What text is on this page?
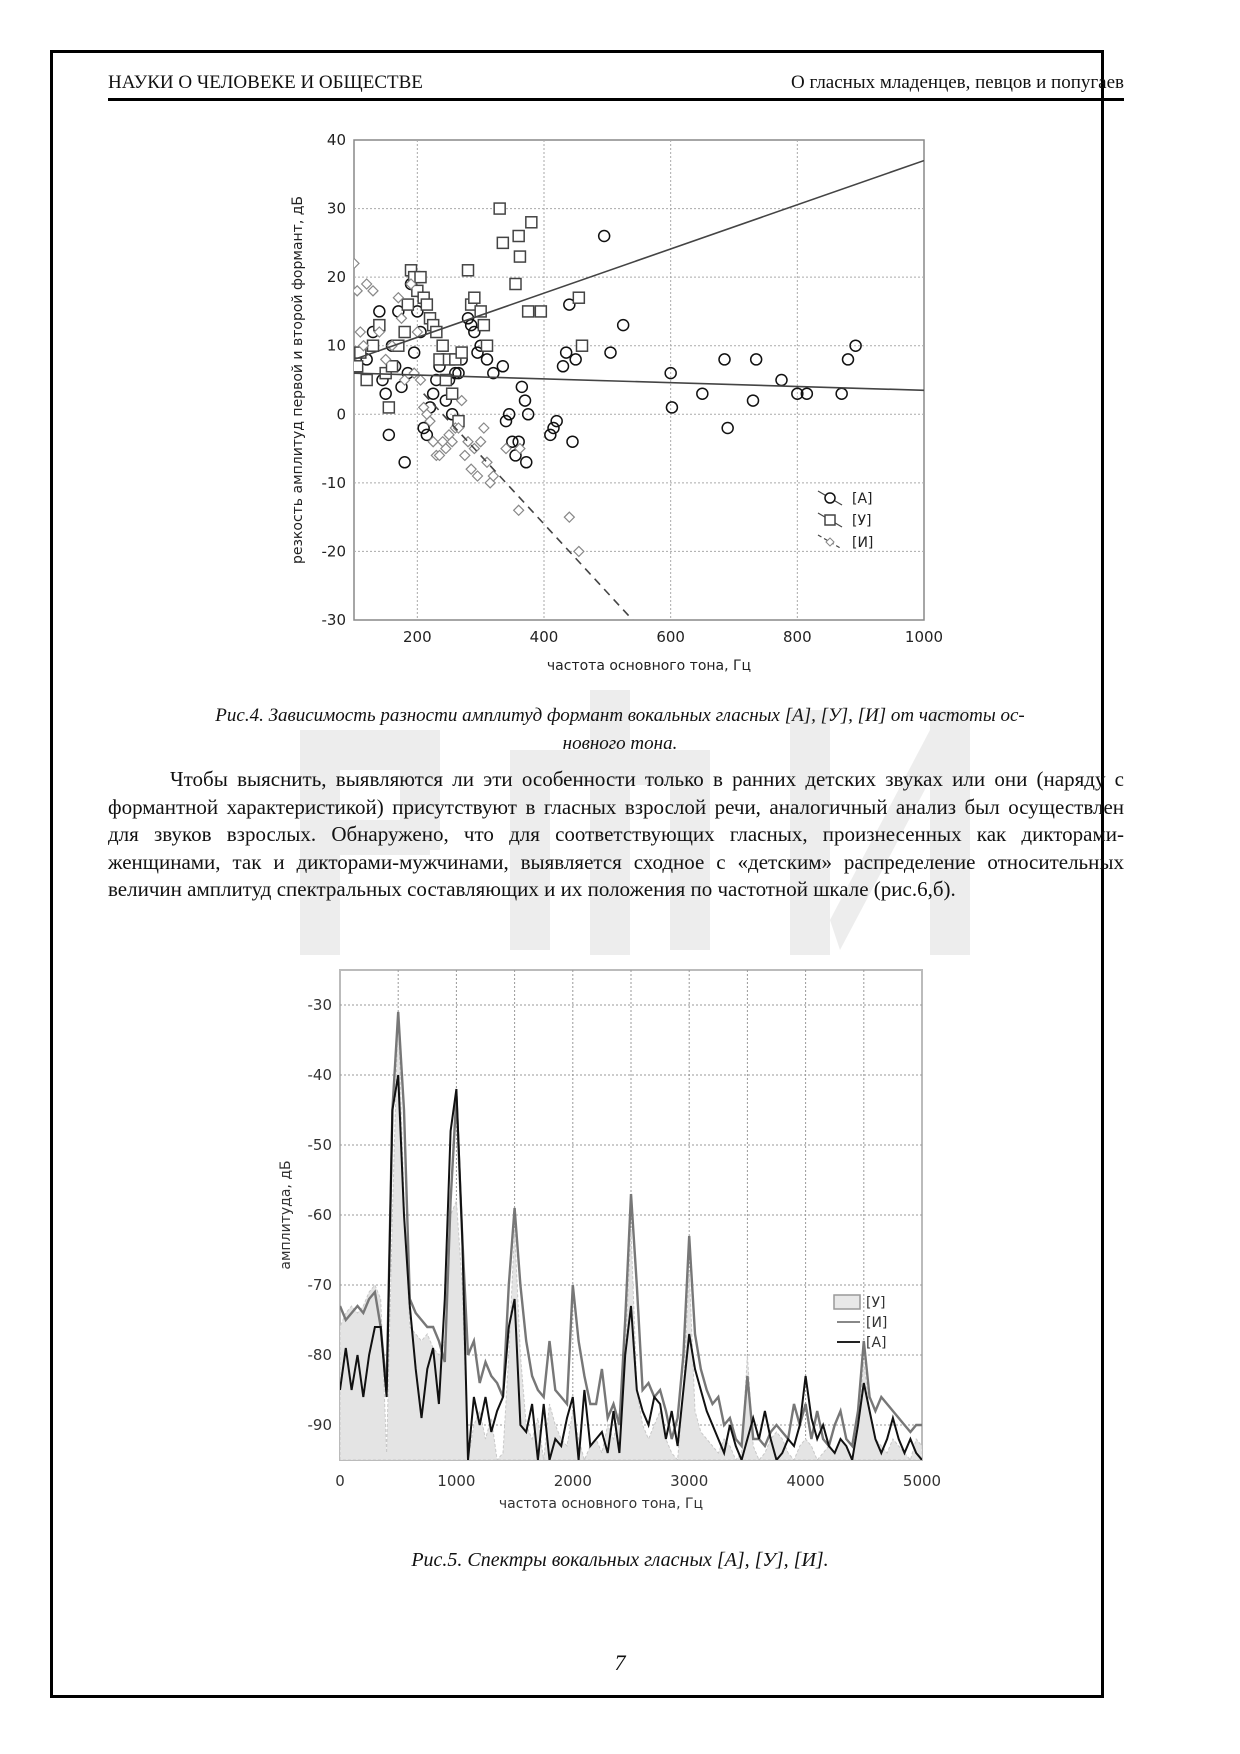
НАУКИ О ЧЕЛОВЕКЕ И ОБЩЕСТВЕ	О гласных младенцев, певцов и попугаев
200	400	600	800	1000
-30
-20
-10
0
10
20
30
40
частота основного тона, Гц
резкость амплитуд первой и второй формант, дБ	[А]
[У]
[И]
Рис.4. Зависимость разности амплитуд формант вокальных гласных [А], [У], [И] от частоты ос-
новного тона.

Чтобы выяснить, выявляются ли эти особенности только в ранних детских звуках или они (наряду с формантной характеристикой) присутствуют в гласных взрослой речи, аналогичный анализ был осуществлен для звуков взрослых. Обнаружено, что для соответствующих гласных, произнесенных как дикторами-женщинами, так и дикторами-мужчинами, выявляется сходное с «детским» распределение относительных величин амплитуд спектральных составляющих и их положения по частотной шкале (рис.6,б).

0	1000	2000	3000	4000	5000
-30
-40
-50
-60
-70
-80
-90
частота основного тона, Гц
амплитуда, дБ
[У]
[И]
[А]
Рис.5. Спектры вокальных гласных [А], [У], [И].
7
